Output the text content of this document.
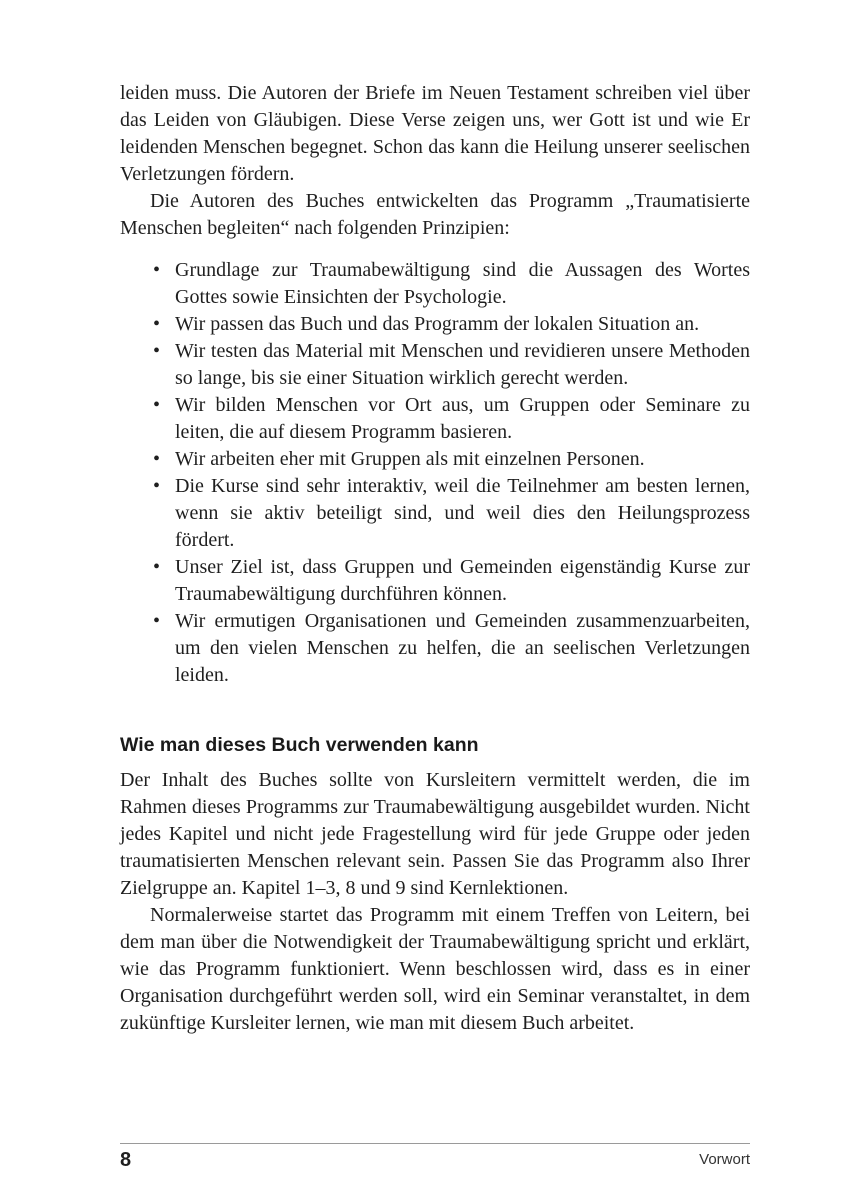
leiden muss. Die Autoren der Briefe im Neuen Testament schreiben viel über das Leiden von Gläubigen. Diese Verse zeigen uns, wer Gott ist und wie Er leidenden Menschen begegnet. Schon das kann die Heilung unserer seelischen Verletzungen fördern.

Die Autoren des Buches entwickelten das Programm „Traumatisierte Menschen begleiten“ nach folgenden Prinzipien:

• Grundlage zur Traumabewältigung sind die Aussagen des Wortes Gottes sowie Einsichten der Psychologie.
• Wir passen das Buch und das Programm der lokalen Situation an.
• Wir testen das Material mit Menschen und revidieren unsere Methoden so lange, bis sie einer Situation wirklich gerecht werden.
• Wir bilden Menschen vor Ort aus, um Gruppen oder Seminare zu leiten, die auf diesem Programm basieren.
• Wir arbeiten eher mit Gruppen als mit einzelnen Personen.
• Die Kurse sind sehr interaktiv, weil die Teilnehmer am besten lernen, wenn sie aktiv beteiligt sind, und weil dies den Heilungsprozess fördert.
• Unser Ziel ist, dass Gruppen und Gemeinden eigenständig Kurse zur Traumabewältigung durchführen können.
• Wir ermutigen Organisationen und Gemeinden zusammenzuarbeiten, um den vielen Menschen zu helfen, die an seelischen Verletzungen leiden.
Wie man dieses Buch verwenden kann

Der Inhalt des Buches sollte von Kursleitern vermittelt werden, die im Rahmen dieses Programms zur Traumabewältigung ausgebildet wurden. Nicht jedes Kapitel und nicht jede Fragestellung wird für jede Gruppe oder jeden traumatisierten Menschen relevant sein. Passen Sie das Programm also Ihrer Zielgruppe an. Kapitel 1–3, 8 und 9 sind Kernlektionen.

Normalerweise startet das Programm mit einem Treffen von Leitern, bei dem man über die Notwendigkeit der Traumabewältigung spricht und erklärt, wie das Programm funktioniert. Wenn beschlossen wird, dass es in einer Organisation durchgeführt werden soll, wird ein Seminar veranstaltet, in dem zukünftige Kursleiter lernen, wie man mit diesem Buch arbeitet.

8	Vorwort
